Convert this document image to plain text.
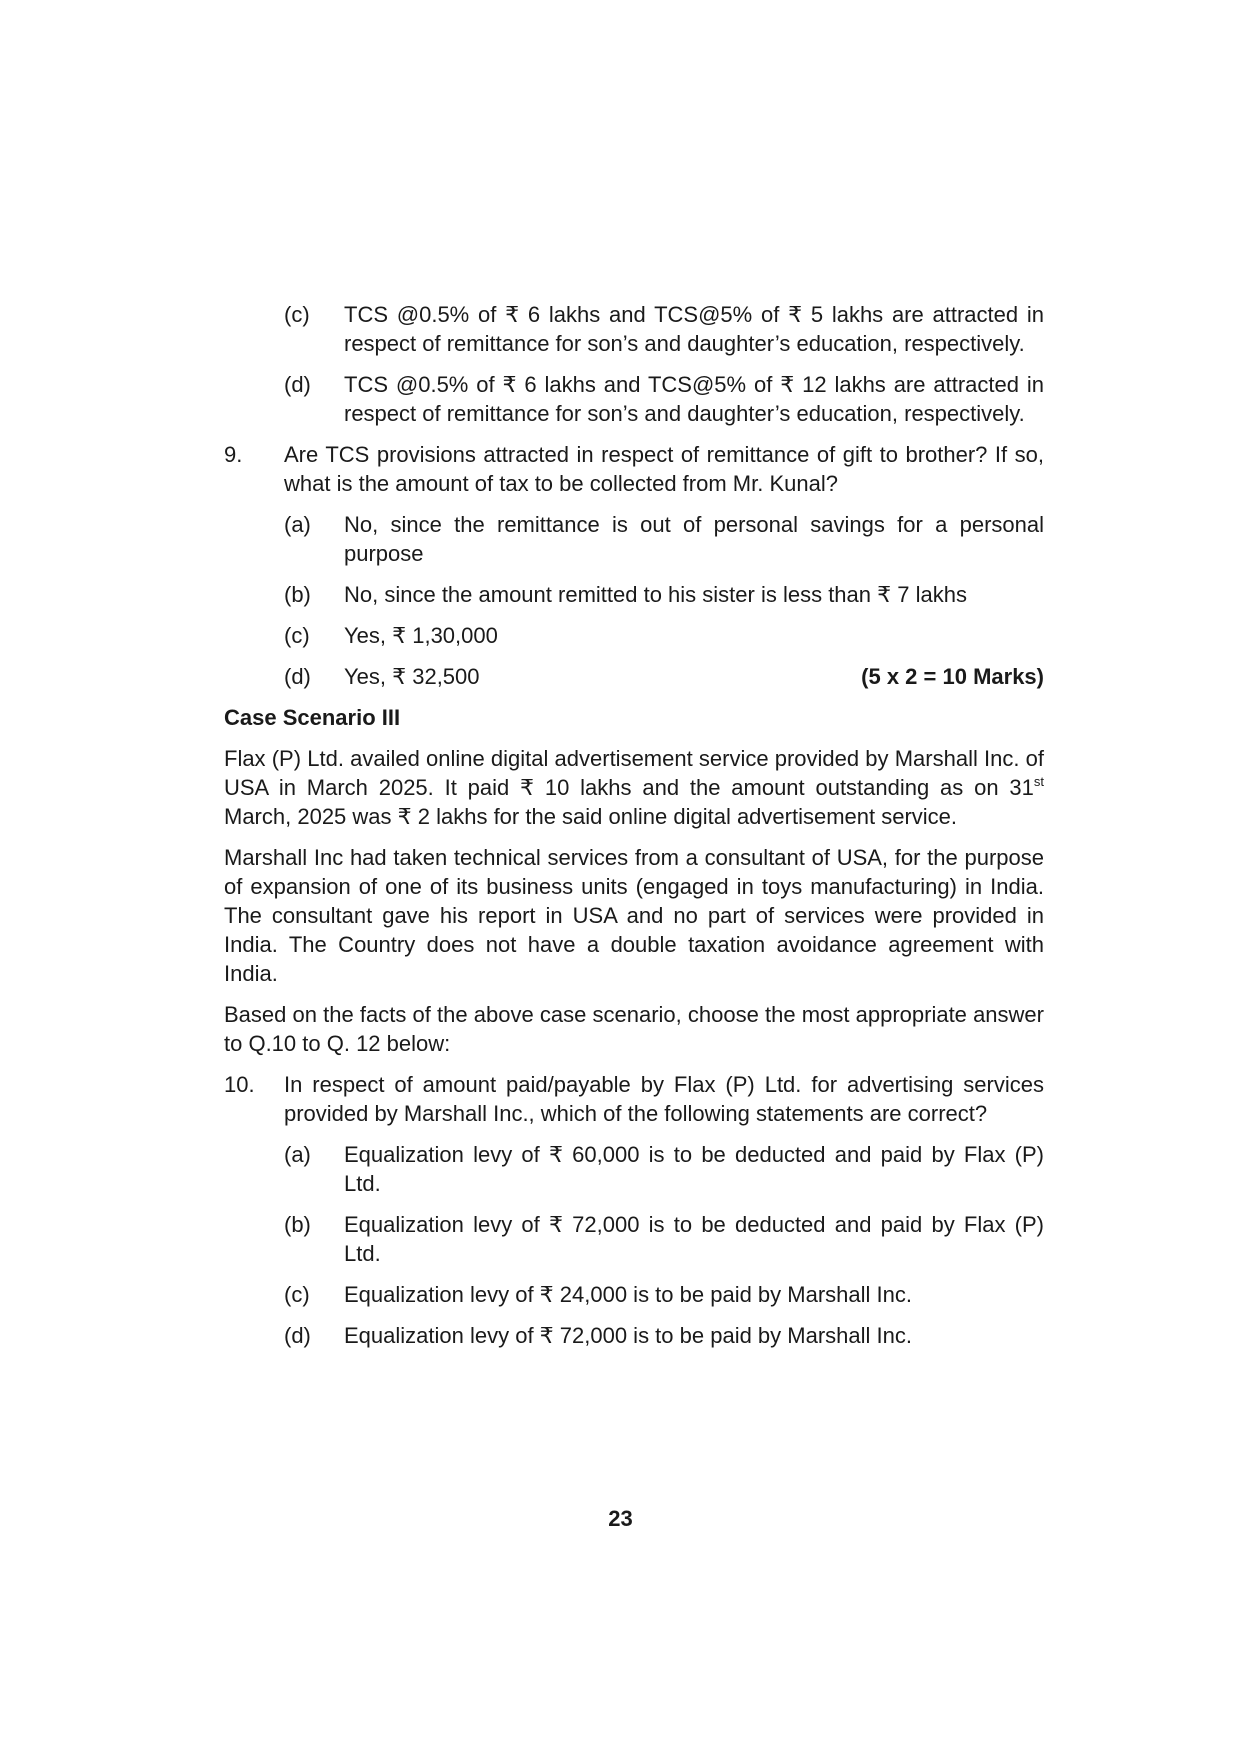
(c)	TCS @0.5% of ₹ 6 lakhs and TCS@5% of ₹ 5 lakhs are attracted in respect of remittance for son’s and daughter’s education, respectively.
(d)	TCS @0.5% of ₹ 6 lakhs and TCS@5% of ₹ 12 lakhs are attracted in respect of remittance for son’s and daughter’s education, respectively.
9.	Are TCS provisions attracted in respect of remittance of gift to brother? If so, what is the amount of tax to be collected from Mr. Kunal?
(a)	No, since the remittance is out of personal savings for a personal purpose
(b)	No, since the amount remitted to his sister is less than ₹ 7 lakhs
(c)	Yes, ₹ 1,30,000
(d)	Yes, ₹ 32,500	(5 x 2 = 10 Marks)
Case Scenario III
Flax (P) Ltd. availed online digital advertisement service provided by Marshall Inc. of USA in March 2025. It paid ₹ 10 lakhs and the amount outstanding as on 31st March, 2025 was ₹ 2 lakhs for the said online digital advertisement service.
Marshall Inc had taken technical services from a consultant of USA, for the purpose of expansion of one of its business units (engaged in toys manufacturing) in India. The consultant gave his report in USA and no part of services were provided in India. The Country does not have a double taxation avoidance agreement with India.
Based on the facts of the above case scenario, choose the most appropriate answer to Q.10 to Q. 12 below:
10.	In respect of amount paid/payable by Flax (P) Ltd. for advertising services provided by Marshall Inc., which of the following statements are correct?
(a)	Equalization levy of ₹ 60,000 is to be deducted and paid by Flax (P) Ltd.
(b)	Equalization levy of ₹ 72,000 is to be deducted and paid by Flax (P) Ltd.
(c)	Equalization levy of ₹ 24,000 is to be paid by Marshall Inc.
(d)	Equalization levy of ₹ 72,000 is to be paid by Marshall Inc.
23
